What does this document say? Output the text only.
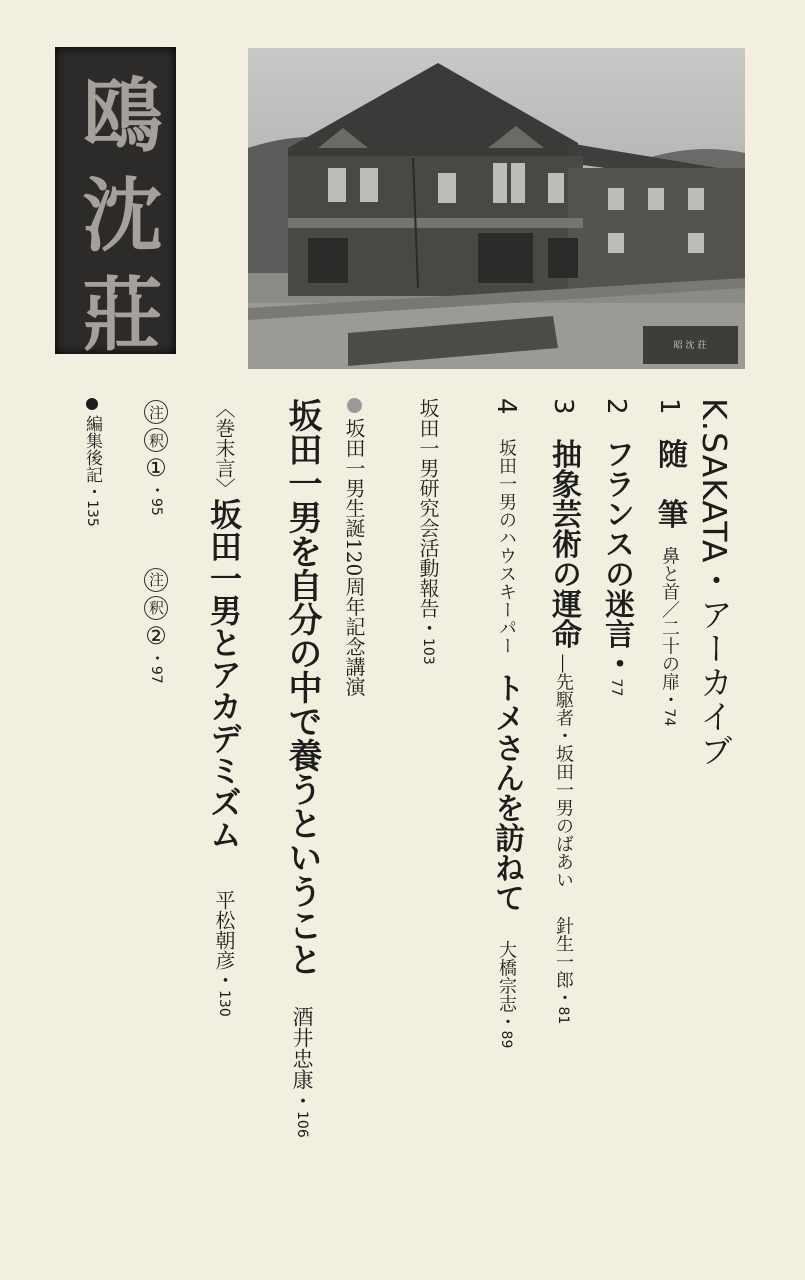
鴎 沈 莊	昭 沈 荘
K.SAKATA・アーカイブ
1随　筆鼻と首／二十の扉・74
2フランスの迷言・77
3抽象芸術の運命―先駆者・坂田一男のばあい針生一郎・81
4坂田一男のハウスキーパートメさんを訪ねて大橋宗志・89
坂田一男研究会活動報告・103
坂田一男生誕120周年記念講演
坂田一男を自分の中で養うということ酒井忠康・106
〈巻末言〉坂田一男とアカデミズム平松朝彦・130
注釈①・95注釈②・97
編集後記・135
